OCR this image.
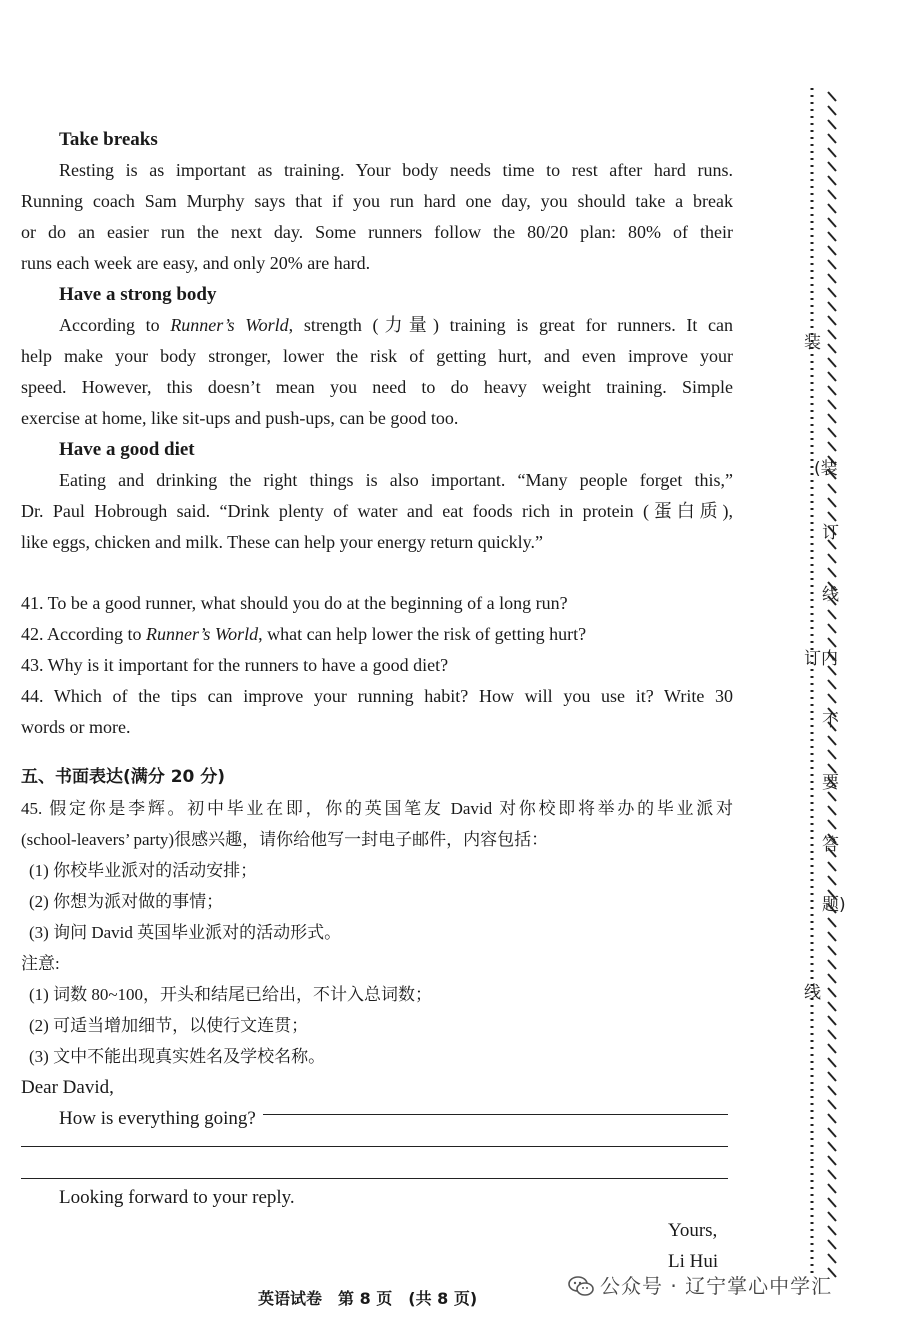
Take breaks
Resting is as important as training. Your body needs time to rest after hard runs.
Running coach Sam Murphy says that if you run hard one day, you should take a break
or do an easier run the next day. Some runners follow the 80/20 plan: 80% of their
runs each week are easy, and only 20% are hard.
Have a strong body
According to Runner’s World, strength (力量) training is great for runners. It can
help make your body stronger, lower the risk of getting hurt, and even improve your
speed. However, this doesn’t mean you need to do heavy weight training. Simple
exercise at home, like sit-ups and push-ups, can be good too.
Have a good diet
Eating and drinking the right things is also important. “Many people forget this,”
Dr. Paul Hobrough said. “Drink plenty of water and eat foods rich in protein (蛋白质),
like eggs, chicken and milk. These can help your energy return quickly.”
41. To be a good runner, what should you do at the beginning of a long run?
42. According to Runner’s World, what can help lower the risk of getting hurt?
43. Why is it important for the runners to have a good diet?
44. Which of the tips can improve your running habit? How will you use it? Write 30
words or more.
五、书面表达(满分 20 分)
45. 假定你是李辉。初中毕业在即，你的英国笔友 David 对你校即将举办的毕业派对
(school-leavers’ party)很感兴趣，请你给他写一封电子邮件，内容包括：
(1) 你校毕业派对的活动安排；
(2) 你想为派对做的事情；
(3) 询问 David 英国毕业派对的活动形式。
注意:
(1) 词数 80~100，开头和结尾已给出，不计入总词数；
(2) 可适当增加细节，以使行文连贯；
(3) 文中不能出现真实姓名及学校名称。
Dear David,
How is everything going?
Looking forward to your reply.
Yours,
Li Hui
英语试卷　第 8 页　(共 8 页)
公众号 · 辽宁掌心中学汇
装
(装
订
线
订内
不
要
答
题)
线
